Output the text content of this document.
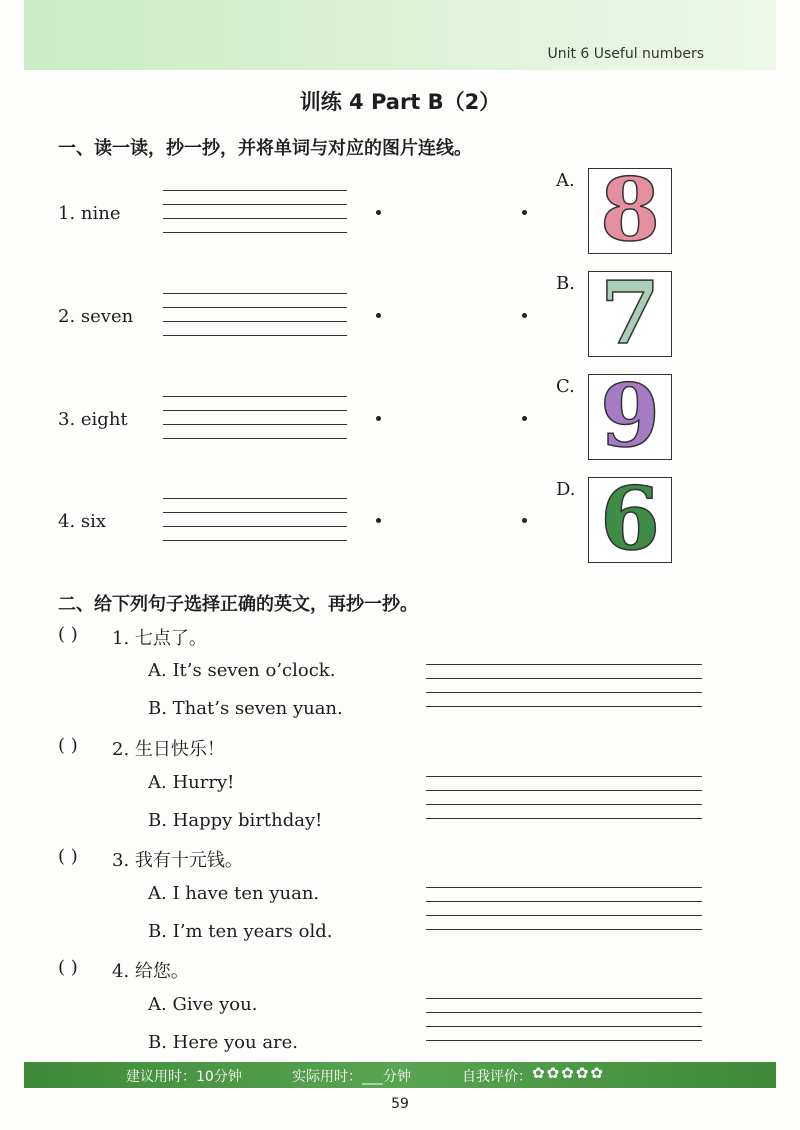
Unit 6 Useful numbers
训练 4 Part B（2）
一、读一读，抄一抄，并将单词与对应的图片连线。
1. nine
2. seven
3. eight
4. six
A. 8
B. 7
C. 9
D. 6
二、给下列句子选择正确的英文，再抄一抄。
( ) 1. 七点了。
A. It’s seven o’clock.
B. That’s seven yuan.
( ) 2. 生日快乐！
A. Hurry!
B. Happy birthday!
( ) 3. 我有十元钱。
A. I have ten yuan.
B. I’m ten years old.
( ) 4. 给您。
A. Give you.
B. Here you are.
建议用时：10分钟	实际用时：___分钟	自我评价： ✿ ✿ ✿ ✿ ✿
59
